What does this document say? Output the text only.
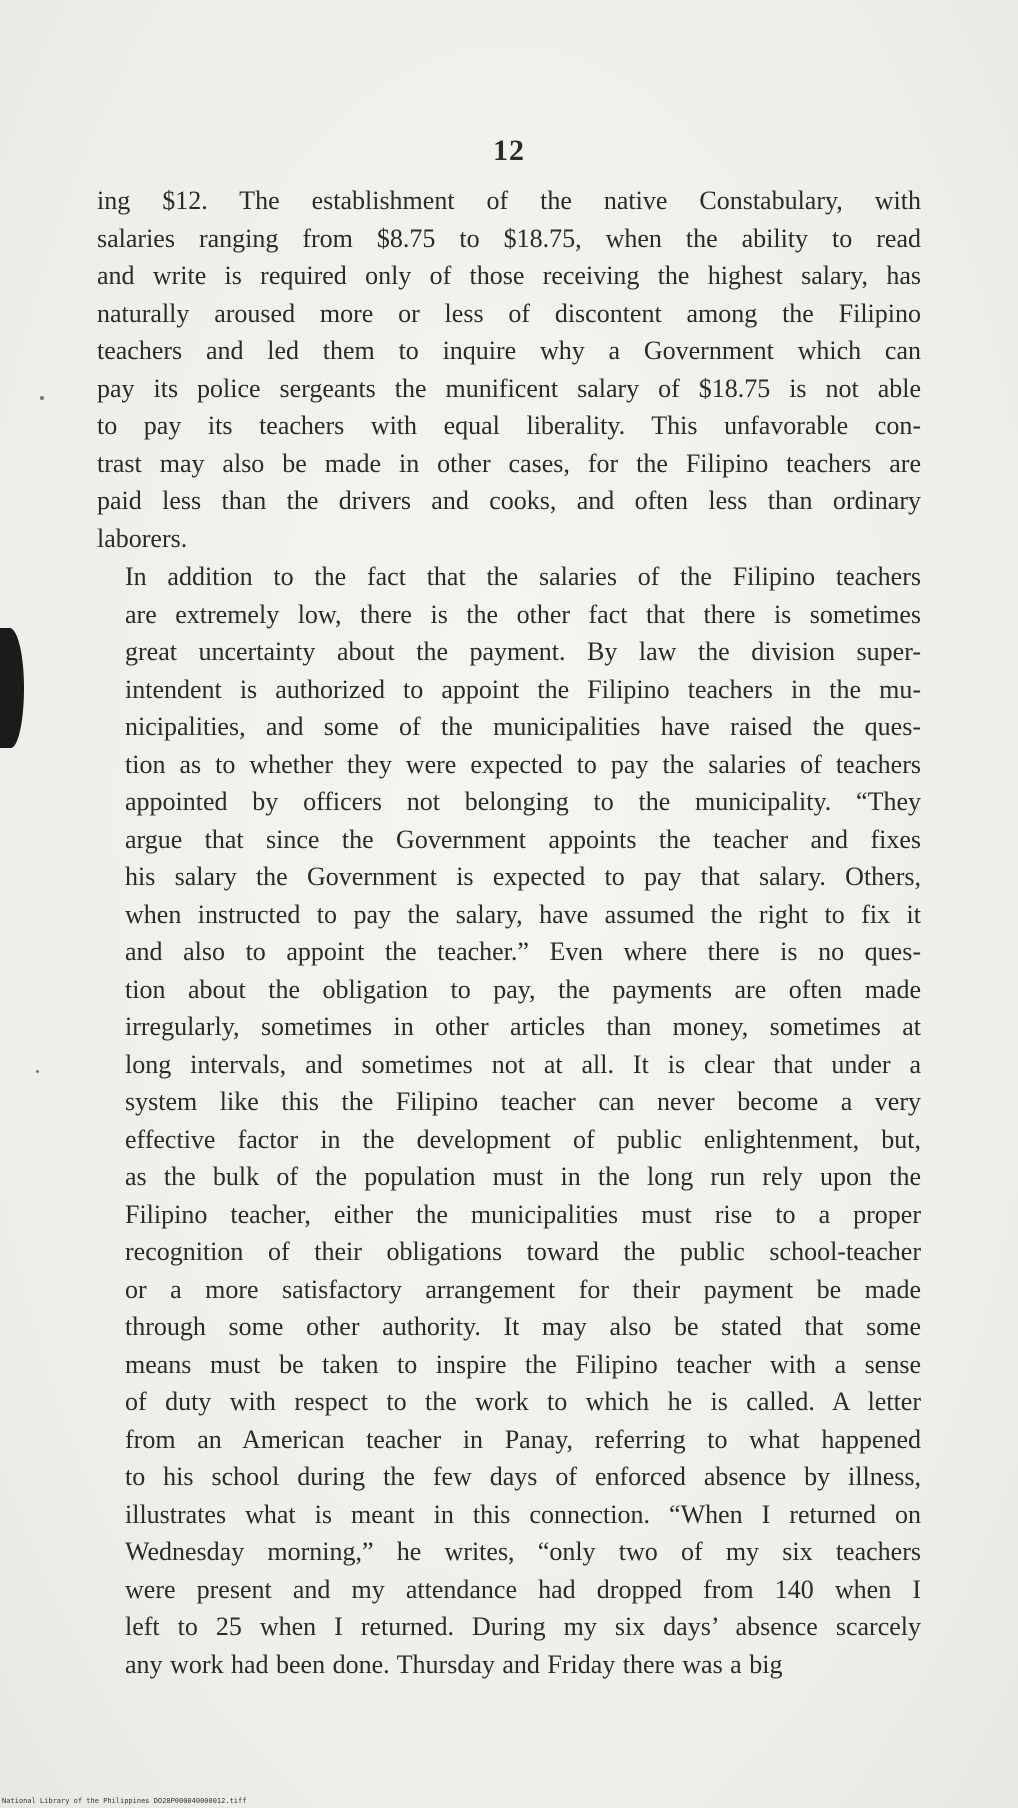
12

ing $12. The establishment of the native Constabulary, with
salaries ranging from $8.75 to $18.75, when the ability to read
and write is required only of those receiving the highest salary, has
naturally aroused more or less of discontent among the Filipino
teachers and led them to inquire why a Government which can
pay its police sergeants the munificent salary of $18.75 is not able
to pay its teachers with equal liberality. This unfavorable con-
trast may also be made in other cases, for the Filipino teachers are
paid less than the drivers and cooks, and often less than ordinary
laborers.

In addition to the fact that the salaries of the Filipino teachers
are extremely low, there is the other fact that there is sometimes
great uncertainty about the payment. By law the division super-
intendent is authorized to appoint the Filipino teachers in the mu-
nicipalities, and some of the municipalities have raised the ques-
tion as to whether they were expected to pay the salaries of teachers
appointed by officers not belonging to the municipality. “They
argue that since the Government appoints the teacher and fixes
his salary the Government is expected to pay that salary. Others,
when instructed to pay the salary, have assumed the right to fix it
and also to appoint the teacher.” Even where there is no ques-
tion about the obligation to pay, the payments are often made
irregularly, sometimes in other articles than money, sometimes at
long intervals, and sometimes not at all. It is clear that under a
system like this the Filipino teacher can never become a very
effective factor in the development of public enlightenment, but,
as the bulk of the population must in the long run rely upon the
Filipino teacher, either the municipalities must rise to a proper
recognition of their obligations toward the public school-teacher
or a more satisfactory arrangement for their payment be made
through some other authority. It may also be stated that some
means must be taken to inspire the Filipino teacher with a sense
of duty with respect to the work to which he is called. A letter
from an American teacher in Panay, referring to what happened
to his school during the few days of enforced absence by illness,
illustrates what is meant in this connection. “When I returned on
Wednesday morning,” he writes, “only two of my six teachers
were present and my attendance had dropped from 140 when I
left to 25 when I returned. During my six days’ absence scarcely
any work had been done. Thursday and Friday there was a big

National Library of the Philippines DO28P000040000012.tiff
